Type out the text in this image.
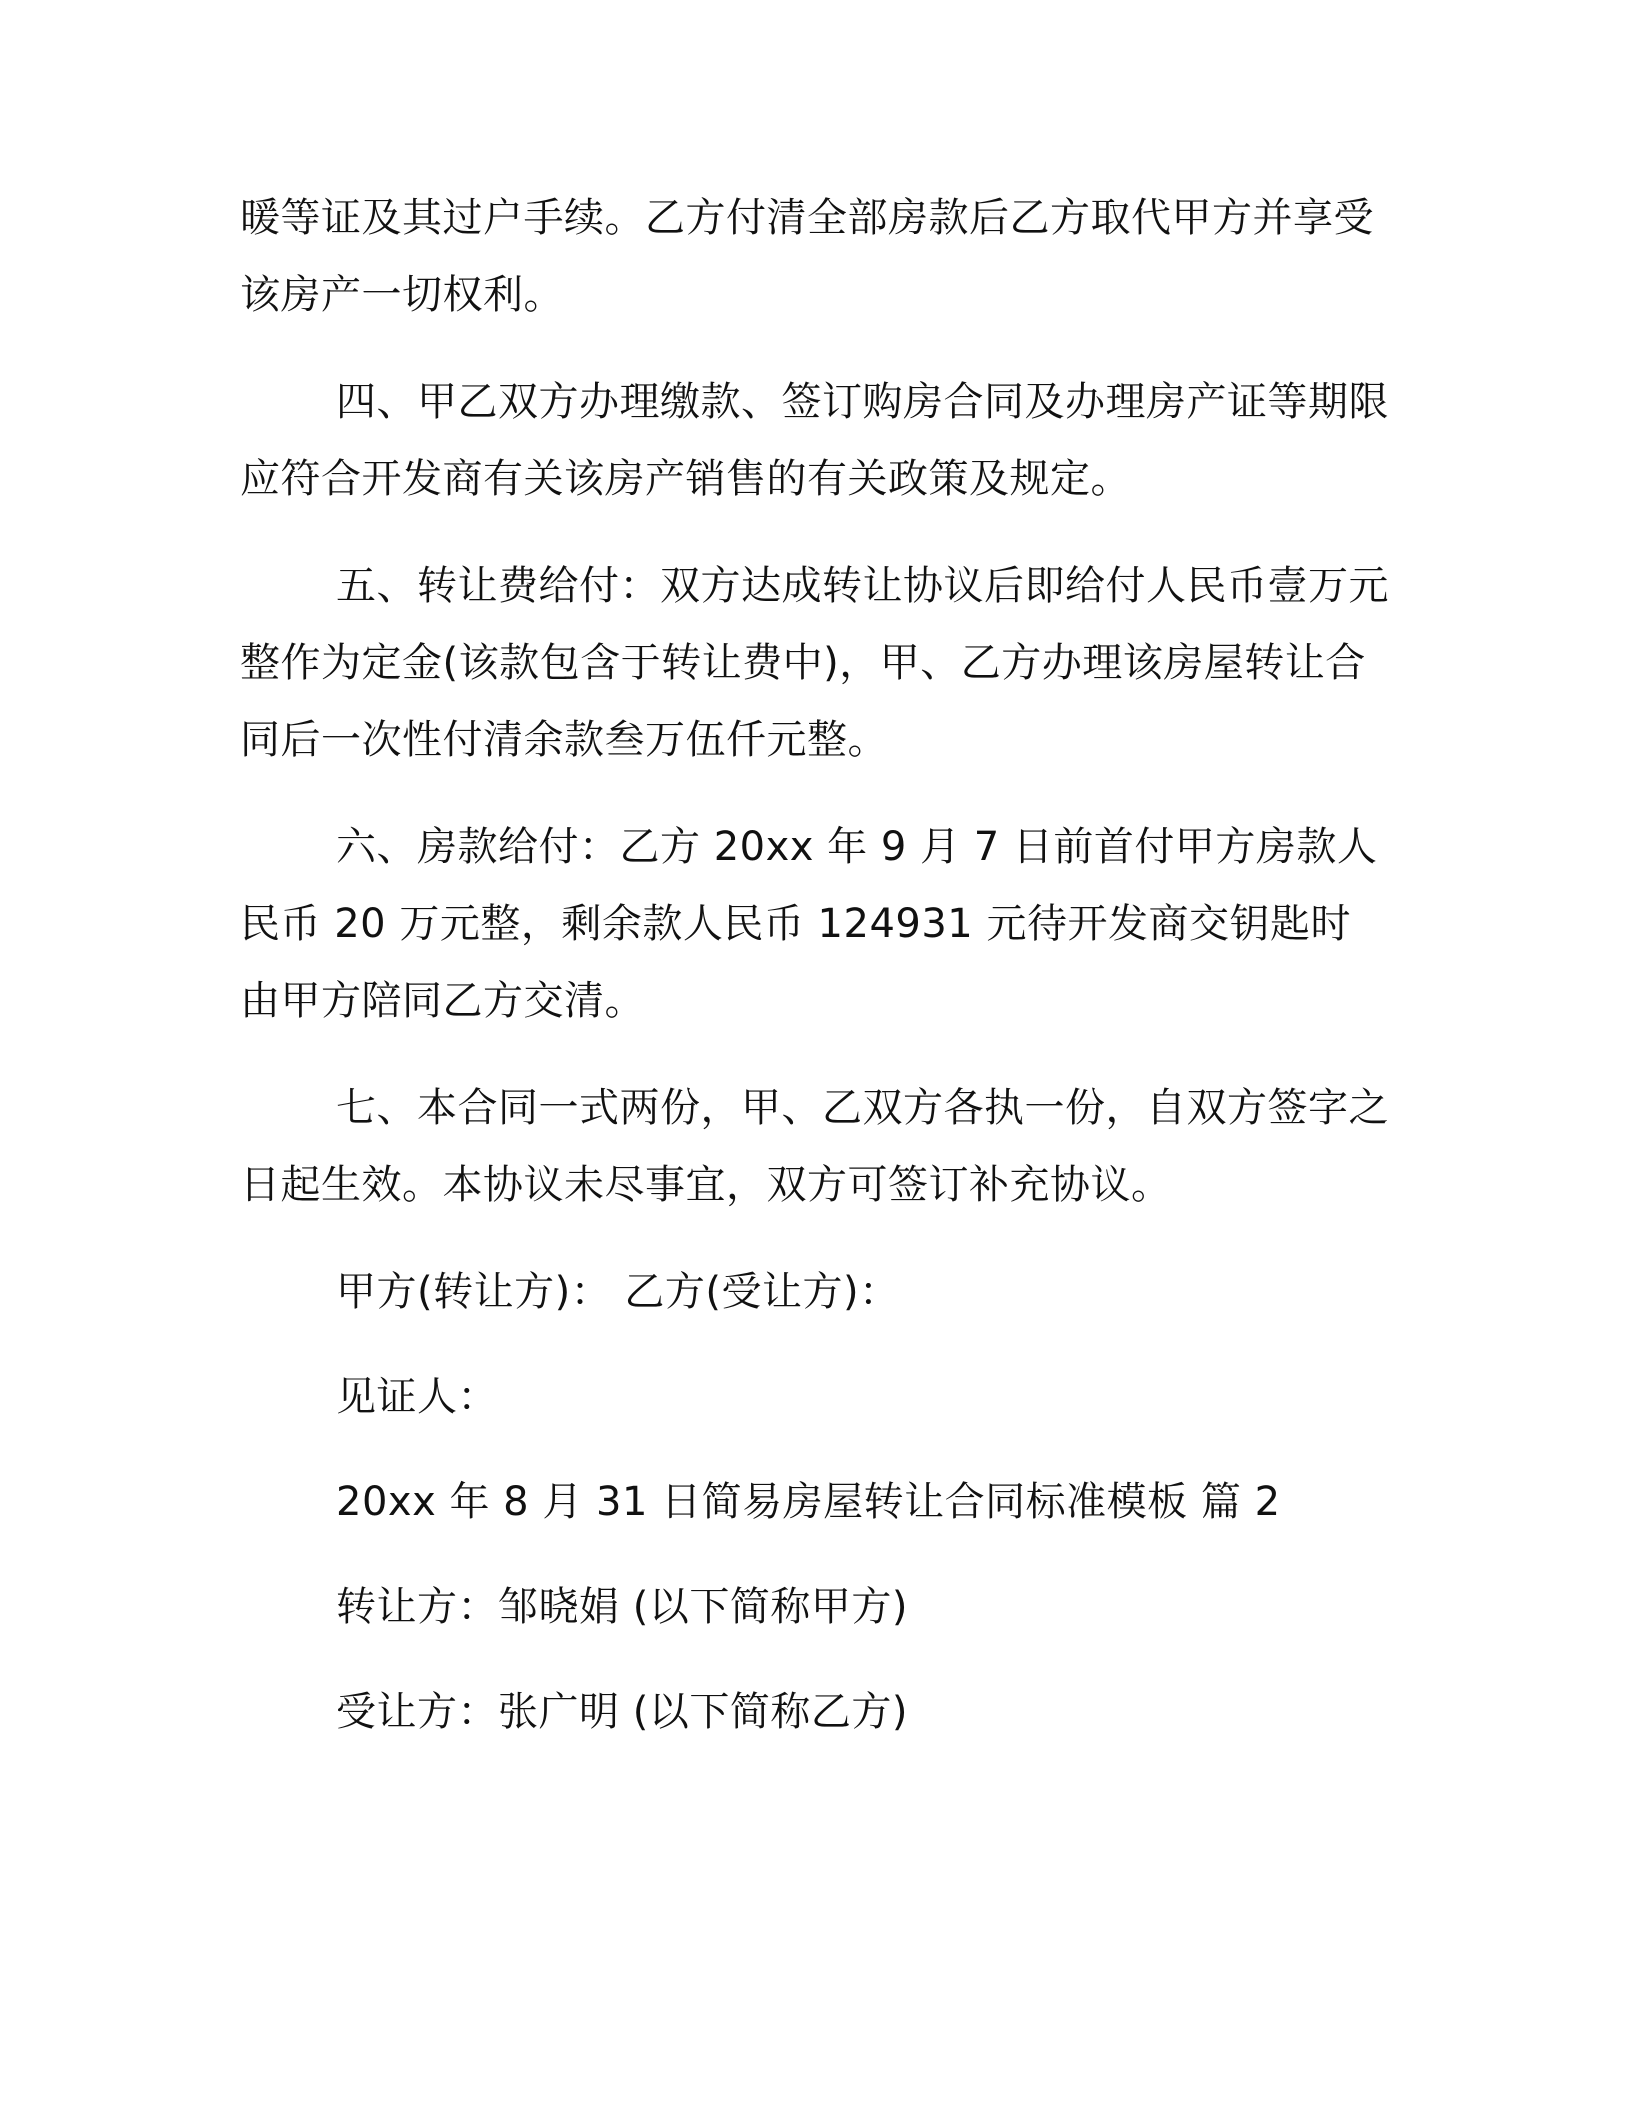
暖等证及其过户手续。乙方付清全部房款后乙方取代甲方并享受该房产一切权利。

四、甲乙双方办理缴款、签订购房合同及办理房产证等期限应符合开发商有关该房产销售的有关政策及规定。

五、转让费给付：双方达成转让协议后即给付人民币壹万元整作为定金(该款包含于转让费中)，甲、乙方办理该房屋转让合同后一次性付清余款叁万伍仟元整。

六、房款给付：乙方 20xx 年 9 月 7 日前首付甲方房款人民币 20 万元整，剩余款人民币 124931 元待开发商交钥匙时由甲方陪同乙方交清。

七、本合同一式两份，甲、乙双方各执一份，自双方签字之日起生效。本协议未尽事宜，双方可签订补充协议。

甲方(转让方)： 乙方(受让方)：
见证人：
20xx 年 8 月 31 日简易房屋转让合同标准模板 篇 2
转让方：邹晓娟 (以下简称甲方)
受让方：张广明 (以下简称乙方)
